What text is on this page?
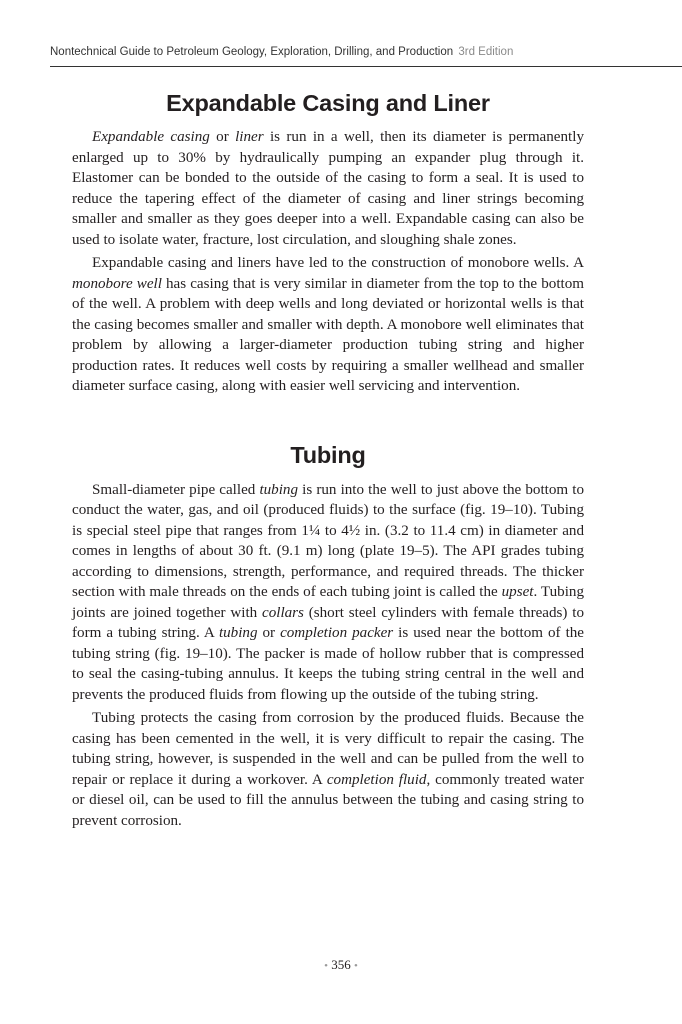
Nontechnical Guide to Petroleum Geology, Exploration, Drilling, and Production 3rd Edition
Expandable Casing and Liner

Expandable casing or liner is run in a well, then its diameter is permanently enlarged up to 30% by hydraulically pumping an expander plug through it. Elastomer can be bonded to the outside of the casing to form a seal. It is used to reduce the tapering effect of the diameter of casing and liner strings becoming smaller and smaller as they goes deeper into a well. Expandable casing can also be used to isolate water, fracture, lost circulation, and sloughing shale zones.

Expandable casing and liners have led to the construction of monobore wells. A monobore well has casing that is very similar in diameter from the top to the bottom of the well. A problem with deep wells and long deviated or horizontal wells is that the casing becomes smaller and smaller with depth. A monobore well eliminates that problem by allowing a larger-diameter production tubing string and higher production rates. It reduces well costs by requiring a smaller wellhead and smaller diameter surface casing, along with easier well servicing and intervention.

Tubing

Small-diameter pipe called tubing is run into the well to just above the bottom to conduct the water, gas, and oil (produced fluids) to the surface (fig. 19–10). Tubing is special steel pipe that ranges from 1¼ to 4½ in. (3.2 to 11.4 cm) in diameter and comes in lengths of about 30 ft. (9.1 m) long (plate 19–5). The API grades tubing according to dimensions, strength, performance, and required threads. The thicker section with male threads on the ends of each tubing joint is called the upset. Tubing joints are joined together with collars (short steel cylinders with female threads) to form a tubing string. A tubing or completion packer is used near the bottom of the tubing string (fig. 19–10). The packer is made of hollow rubber that is compressed to seal the casing-tubing annulus. It keeps the tubing string central in the well and prevents the produced fluids from flowing up the outside of the tubing string.

Tubing protects the casing from corrosion by the produced fluids. Because the casing has been cemented in the well, it is very difficult to repair the casing. The tubing string, however, is suspended in the well and can be pulled from the well to repair or replace it during a workover. A completion fluid, commonly treated water or diesel oil, can be used to fill the annulus between the tubing and casing string to prevent corrosion.

• 356 •
